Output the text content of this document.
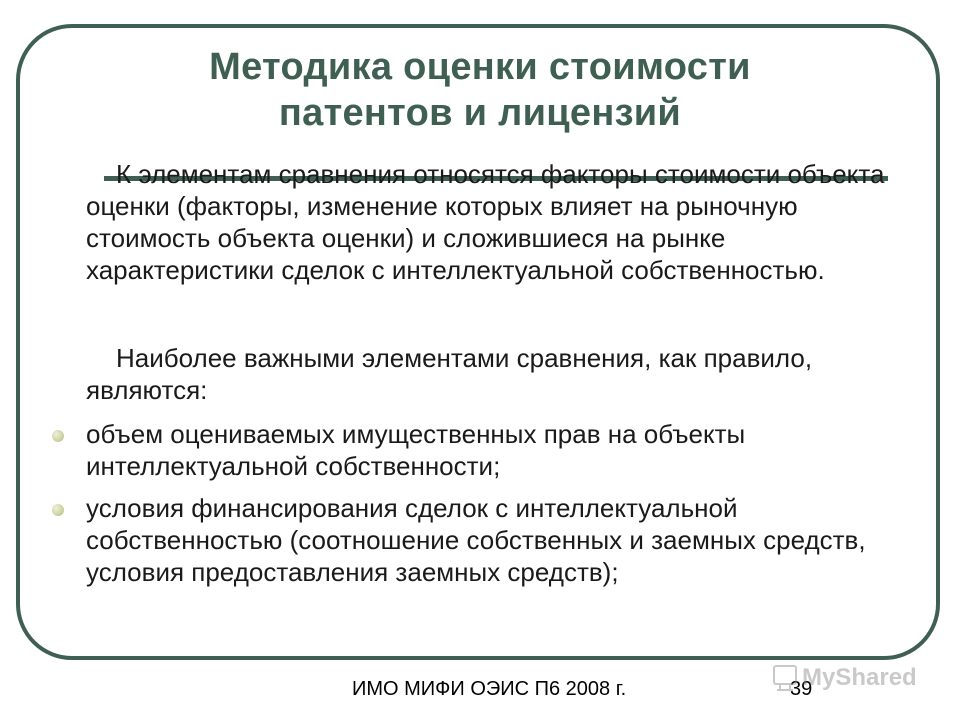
Методика оценки стоимости
патентов и лицензий
К элементам сравнения относятся факторы стоимости объекта оценки (факторы, изменение которых влияет на рыночную стоимость объекта оценки) и сложившиеся на рынке характеристики сделок с интеллектуальной собственностью.
Наиболее важными элементами сравнения, как правило, являются:
объем оцениваемых имущественных прав на объекты интеллектуальной собственности;
условия финансирования сделок с интеллектуальной собственностью (соотношение собственных и заемных средств, условия предоставления заемных средств);
ИМО МИФИ ОЭИС П6 2008 г.	39
MyShared
